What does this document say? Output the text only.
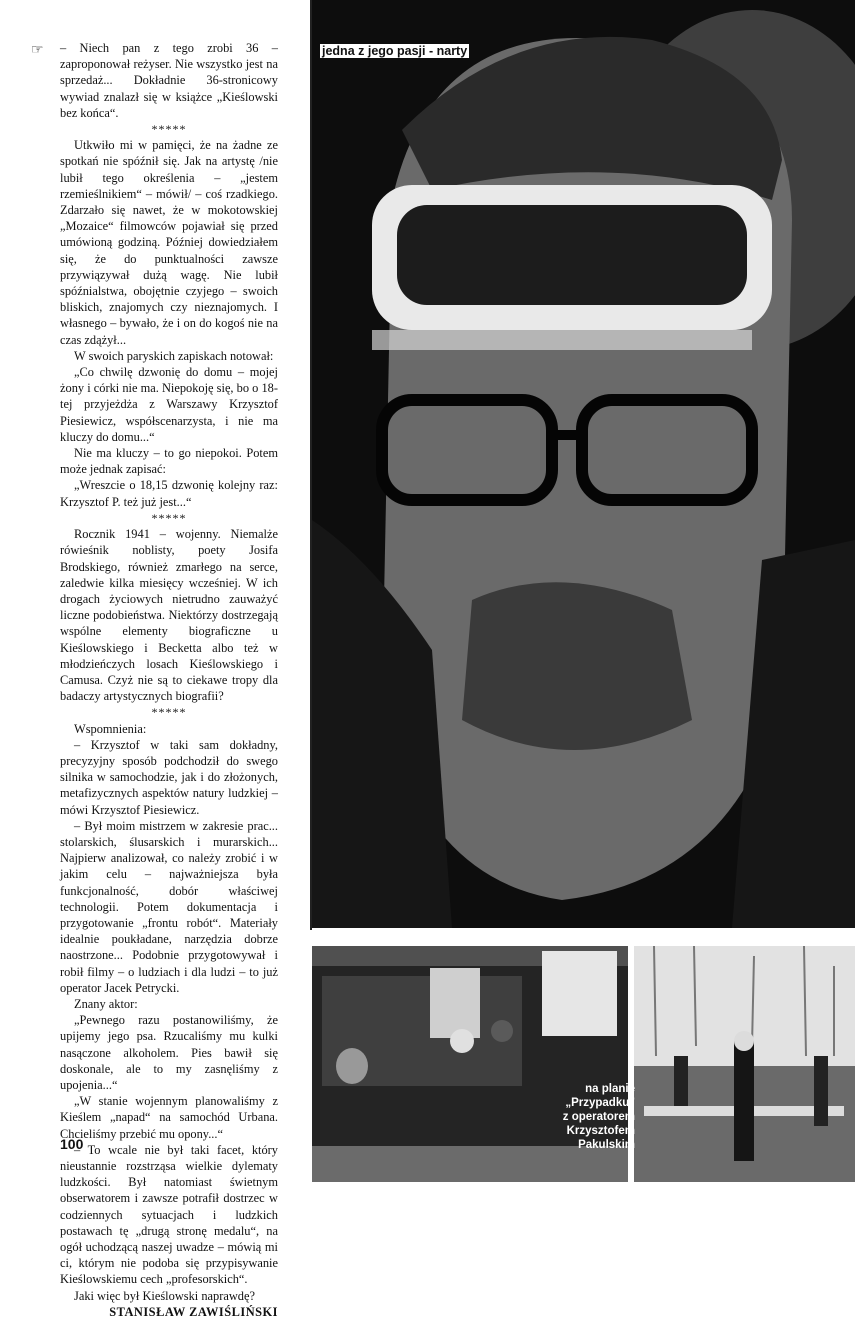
☞ – Niech pan z tego zrobi 36 – zaproponował reżyser. Nie wszystko jest na sprzedaż... Dokładnie 36-stronicowy wywiad znalazł się w książce „Kieślowski bez końca“.

*****

Utkwiło mi w pamięci, że na żadne ze spotkań nie spóźnił się. Jak na artystę /nie lubił tego określenia – „jestem rzemieślnikiem“ – mówił/ – coś rzadkiego. Zdarzało się nawet, że w mokotowskiej „Mozaice“ filmowców pojawiał się przed umówioną godziną. Później dowiedziałem się, że do punktualności zawsze przywiązywał dużą wagę. Nie lubił spóźnialstwa, obojętnie czyjego – swoich bliskich, znajomych czy nieznajomych. I własnego – bywało, że i on do kogoś nie na czas zdążył...

W swoich paryskich zapiskach notował:

„Co chwilę dzwonię do domu – mojej żony i córki nie ma. Niepokoję się, bo o 18-tej przyjeżdża z Warszawy Krzysztof Piesiewicz, współscenarzysta, i nie ma kluczy do domu...“

Nie ma kluczy – to go niepokoi. Potem może jednak zapisać:

„Wreszcie o 18,15 dzwonię kolejny raz: Krzysztof P. też już jest...“

*****

Rocznik 1941 – wojenny. Niemalże rówieśnik noblisty, poety Josifa Brodskiego, również zmarłego na serce, zaledwie kilka miesięcy wcześniej. W ich drogach życiowych nietrudno zauważyć liczne podobieństwa. Niektórzy dostrzegają wspólne elementy biograficzne u Kieślowskiego i Becketta albo też w młodzieńczych losach Kieślowskiego i Camusa. Czyż nie są to ciekawe tropy dla badaczy artystycznych biografii?

*****

Wspomnienia:

– Krzysztof w taki sam dokładny, precyzyjny sposób podchodził do swego silnika w samochodzie, jak i do złożonych, metafizycznych aspektów natury ludzkiej – mówi Krzysztof Piesiewicz.

– Był moim mistrzem w zakresie prac... stolarskich, ślusarskich i murarskich... Najpierw analizował, co należy zrobić i w jakim celu – najważniejsza była funkcjonalność, dobór właściwej technologii. Potem dokumentacja i przygotowanie „frontu robót“. Materiały idealnie poukładane, narzędzia dobrze naostrzone... Podobnie przygotowywał i robił filmy – o ludziach i dla ludzi – to już operator Jacek Petrycki.

Znany aktor:

„Pewnego razu postanowiliśmy, że upijemy jego psa. Rzucaliśmy mu kulki nasączone alkoholem. Pies bawił się doskonale, ale to my zasnęliśmy z upojenia...“

„W stanie wojennym planowaliśmy z Kieślem „napad“ na samochód Urbana. Chcieliśmy przebić mu opony...“

– To wcale nie był taki facet, który nieustannie rozstrząsa wielkie dylematy ludzkości. Był natomiast świetnym obserwatorem i zawsze potrafił dostrzec w codziennych sytuacjach i ludzkich postawach tę „drugą stronę medalu“, na ogół uchodzącą naszej uwadze – mówią mi ci, którym nie podoba się przypisywanie Kieślowskiemu cech „profesorskich“.

Jaki więc był Kieślowski naprawdę?

STANISŁAW ZAWIŚLIŃSKI

100
jedna z jego pasji - narty
na planie
„Przypadku”
z operatorem
Krzysztofem
Pakulskim
